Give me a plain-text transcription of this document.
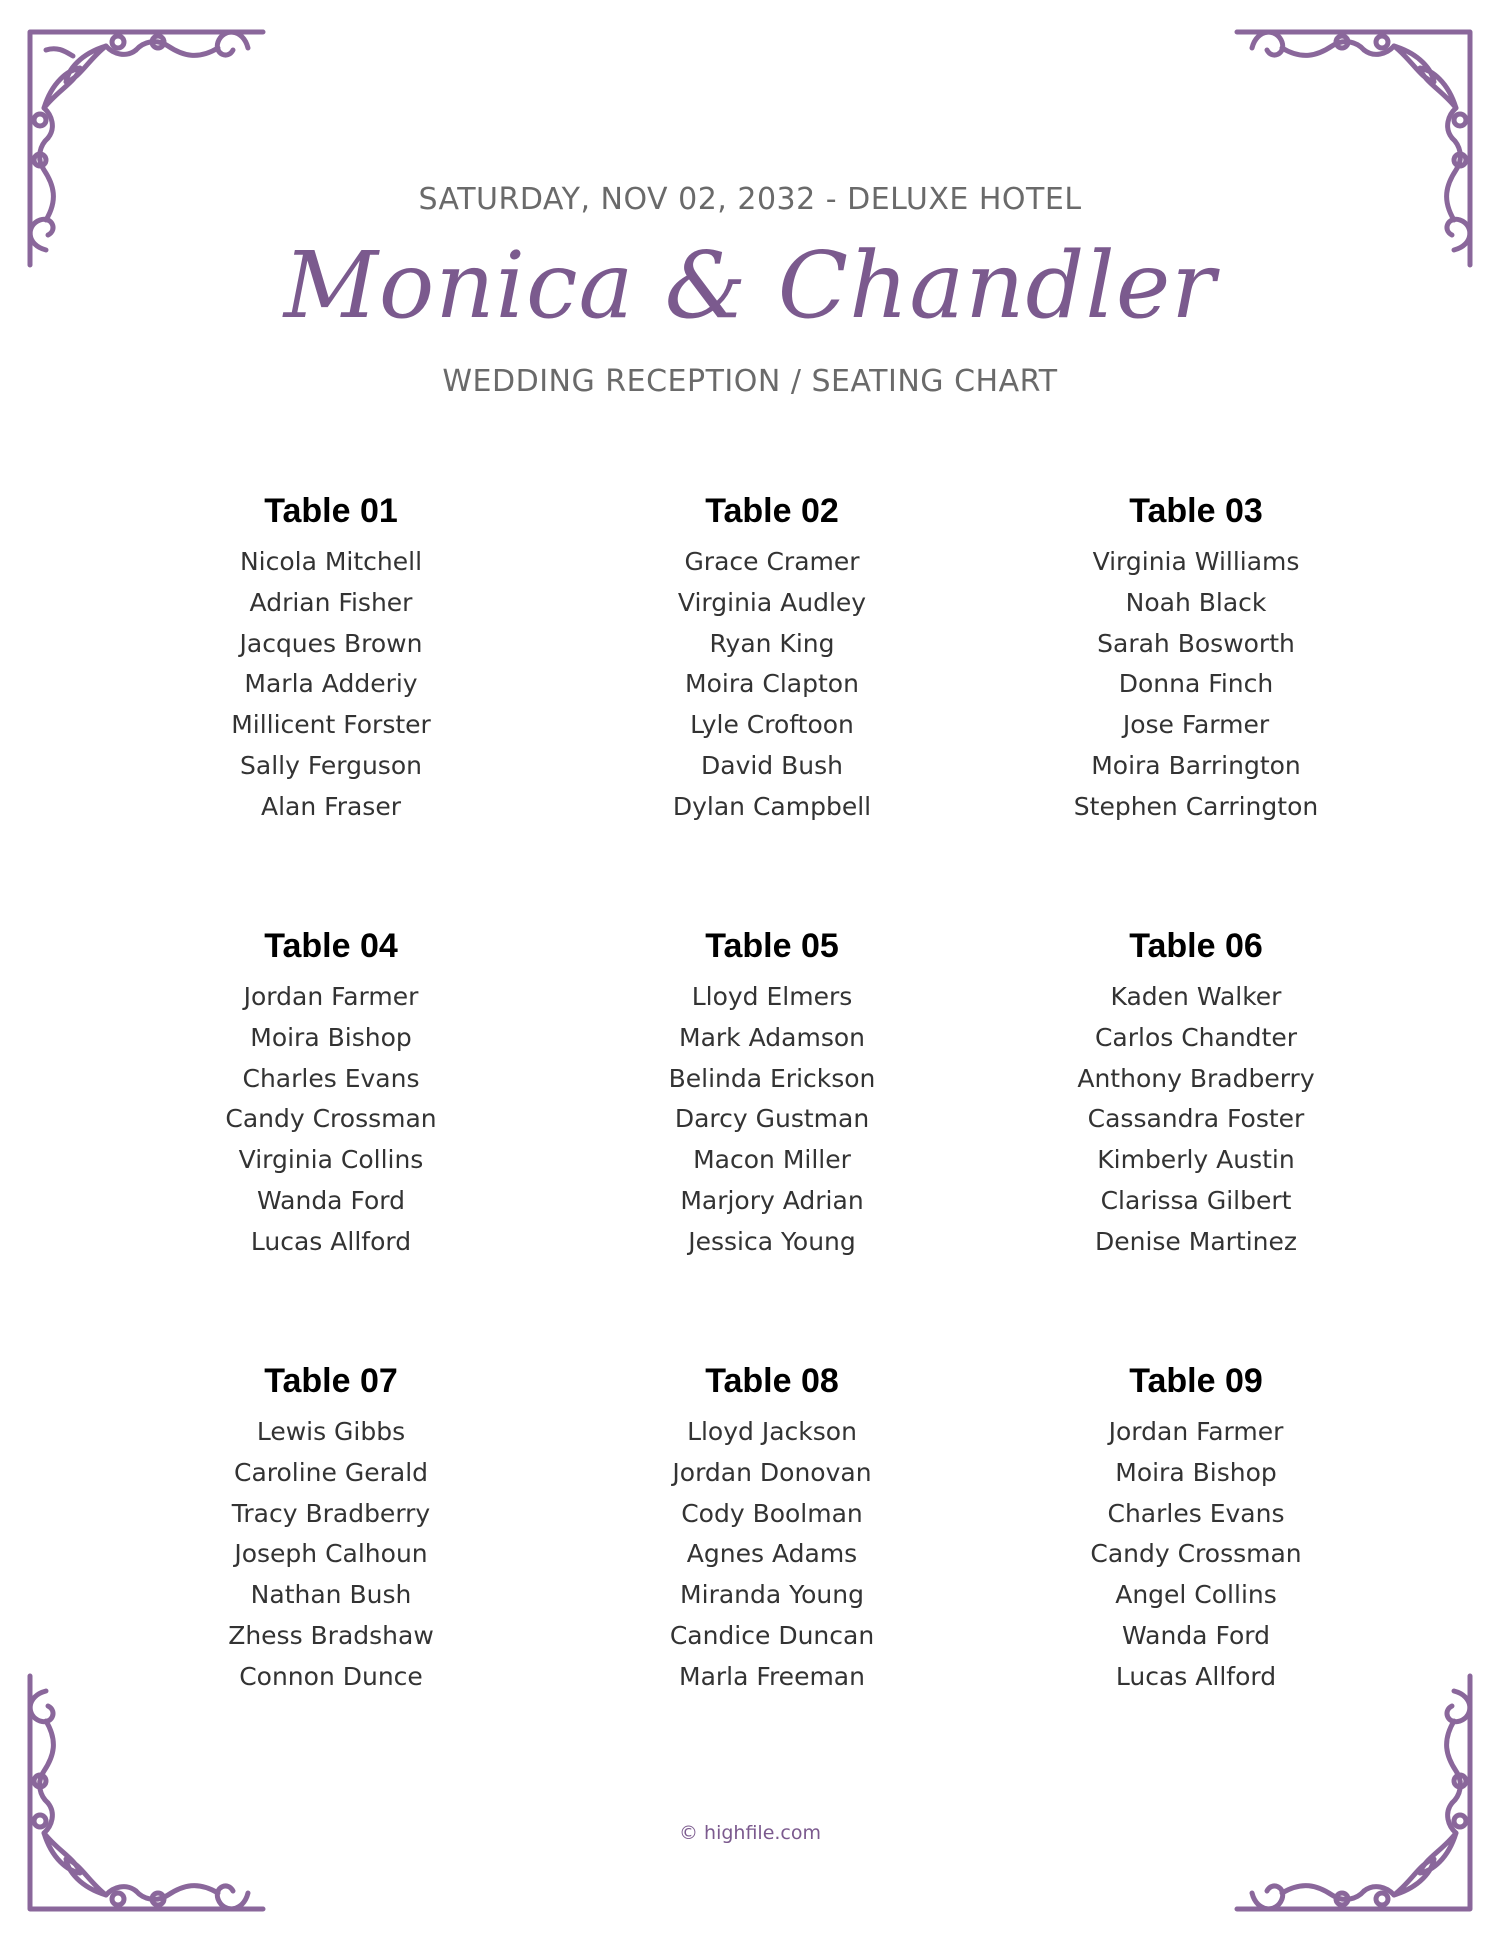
SATURDAY, NOV 02, 2032 - DELUXE HOTEL
Monica & Chandler
WEDDING RECEPTION / SEATING CHART
Table 01
Nicola Mitchell
Adrian Fisher
Jacques Brown
Marla Adderiy
Millicent Forster
Sally Ferguson
Alan Fraser
Table 02
Grace Cramer
Virginia Audley
Ryan King
Moira Clapton
Lyle Croftoon
David Bush
Dylan Campbell
Table 03
Virginia Williams
Noah Black
Sarah Bosworth
Donna Finch
Jose Farmer
Moira Barrington
Stephen Carrington
Table 04
Jordan Farmer
Moira Bishop
Charles Evans
Candy Crossman
Virginia Collins
Wanda Ford
Lucas Allford
Table 05
Lloyd Elmers
Mark Adamson
Belinda Erickson
Darcy Gustman
Macon Miller
Marjory Adrian
Jessica Young
Table 06
Kaden Walker
Carlos Chandter
Anthony Bradberry
Cassandra Foster
Kimberly Austin
Clarissa Gilbert
Denise Martinez
Table 07
Lewis Gibbs
Caroline Gerald
Tracy Bradberry
Joseph Calhoun
Nathan Bush
Zhess Bradshaw
Connon Dunce
Table 08
Lloyd Jackson
Jordan Donovan
Cody Boolman
Agnes Adams
Miranda Young
Candice Duncan
Marla Freeman
Table 09
Jordan Farmer
Moira Bishop
Charles Evans
Candy Crossman
Angel Collins
Wanda Ford
Lucas Allford
© highfile.com
